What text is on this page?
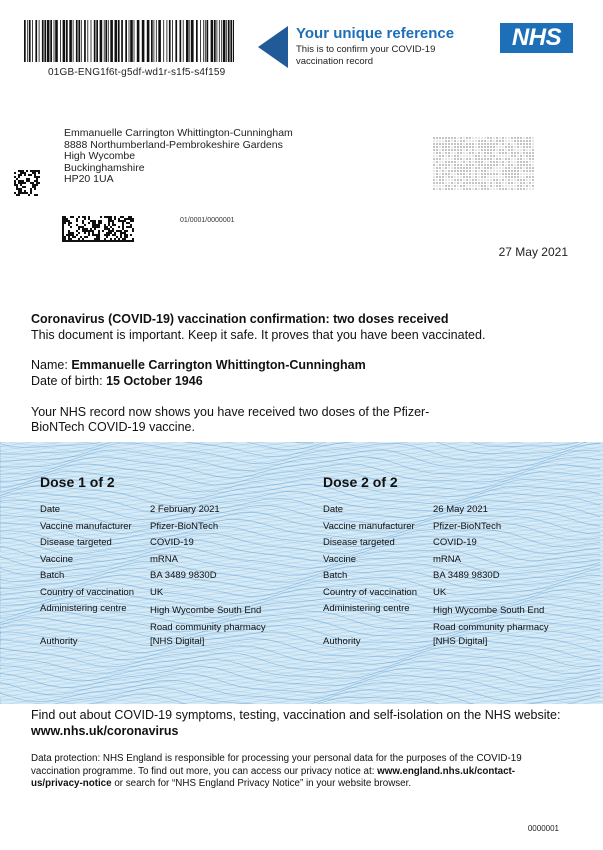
01GB-ENG1f6t-g5df-wd1r-s1f5-s4f159
Your unique reference
This is to confirm your COVID-19 vaccination record
NHS
Emmanuelle Carrington Whittington-Cunningham
8888 Northumberland-Pembrokeshire Gardens
High Wycombe
Buckinghamshire
HP20 1UA
01/0001/0000001
27 May 2021
Coronavirus (COVID-19) vaccination confirmation: two doses received
This document is important. Keep it safe. It proves that you have been vaccinated.
Name: Emmanuelle Carrington Whittington-Cunningham
Date of birth: 15 October 1946
Your NHS record now shows you have received two doses of the Pfizer-BioNTech COVID-19 vaccine.
Dose 1 of 2
Date	2 February 2021
Vaccine manufacturer	Pfizer-BioNTech
Disease targeted	COVID-19
Vaccine	mRNA
Batch	BA 3489 9830D
Country of vaccination	UK
Administering centre	High Wycombe South End Road community pharmacy
Authority	[NHS Digital]
Dose 2 of 2
Date	26 May 2021
Vaccine manufacturer	Pfizer-BioNTech
Disease targeted	COVID-19
Vaccine	mRNA
Batch	BA 3489 9830D
Country of vaccination	UK
Administering centre	High Wycombe South End Road community pharmacy
Authority	[NHS Digital]
Find out about COVID-19 symptoms, testing, vaccination and self-isolation on the NHS website: www.nhs.uk/coronavirus
Data protection: NHS England is responsible for processing your personal data for the purposes of the COVID-19 vaccination programme. To find out more, you can access our privacy notice at: www.england.nhs.uk/contact-us/privacy-notice or search for “NHS England Privacy Notice” in your website browser.
0000001
